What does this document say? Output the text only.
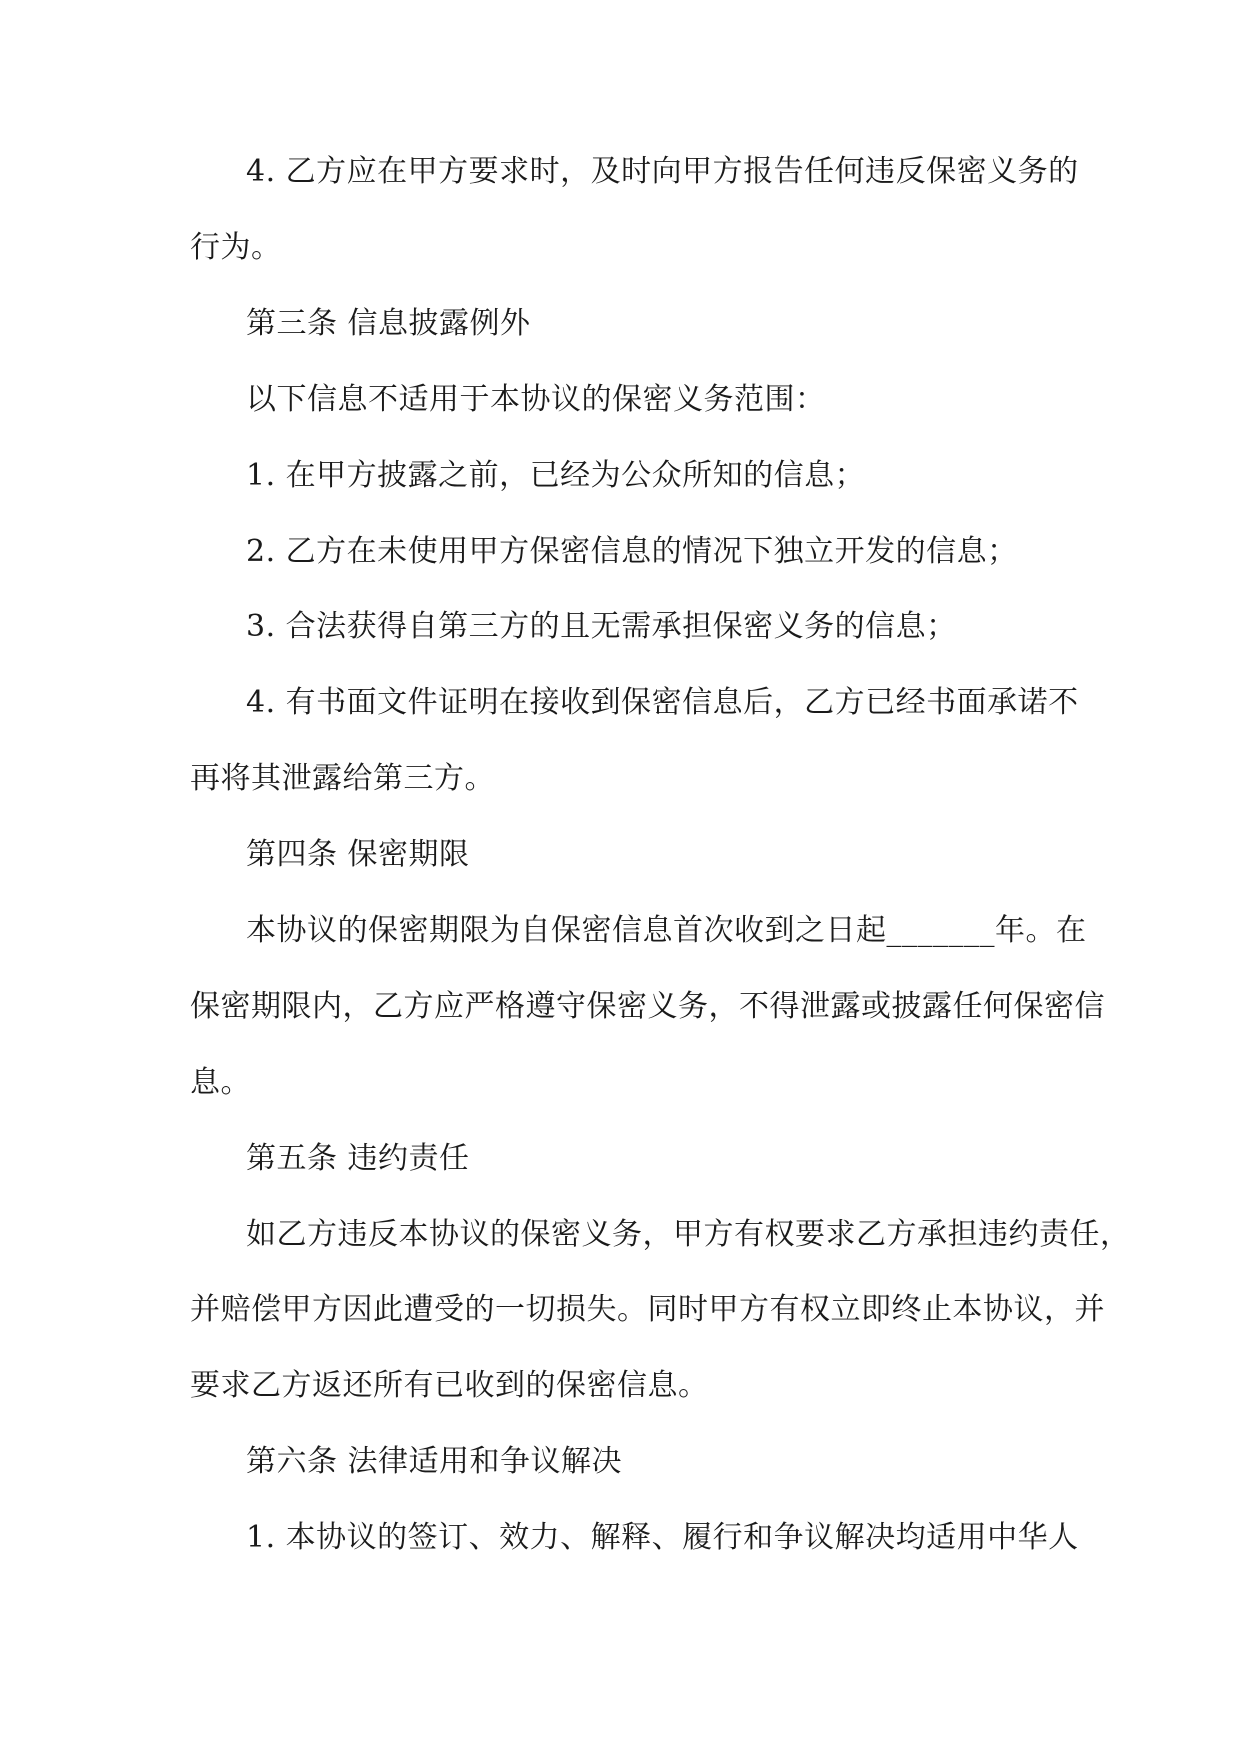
4. 乙方应在甲方要求时，及时向甲方报告任何违反保密义务的
行为。
第三条 信息披露例外
以下信息不适用于本协议的保密义务范围：
1. 在甲方披露之前，已经为公众所知的信息；
2. 乙方在未使用甲方保密信息的情况下独立开发的信息；
3. 合法获得自第三方的且无需承担保密义务的信息；
4. 有书面文件证明在接收到保密信息后，乙方已经书面承诺不
再将其泄露给第三方。
第四条 保密期限
本协议的保密期限为自保密信息首次收到之日起_______年。在
保密期限内，乙方应严格遵守保密义务，不得泄露或披露任何保密信
息。
第五条 违约责任
如乙方违反本协议的保密义务，甲方有权要求乙方承担违约责任，
并赔偿甲方因此遭受的一切损失。同时甲方有权立即终止本协议，并
要求乙方返还所有已收到的保密信息。
第六条 法律适用和争议解决
1. 本协议的签订、效力、解释、履行和争议解决均适用中华人
